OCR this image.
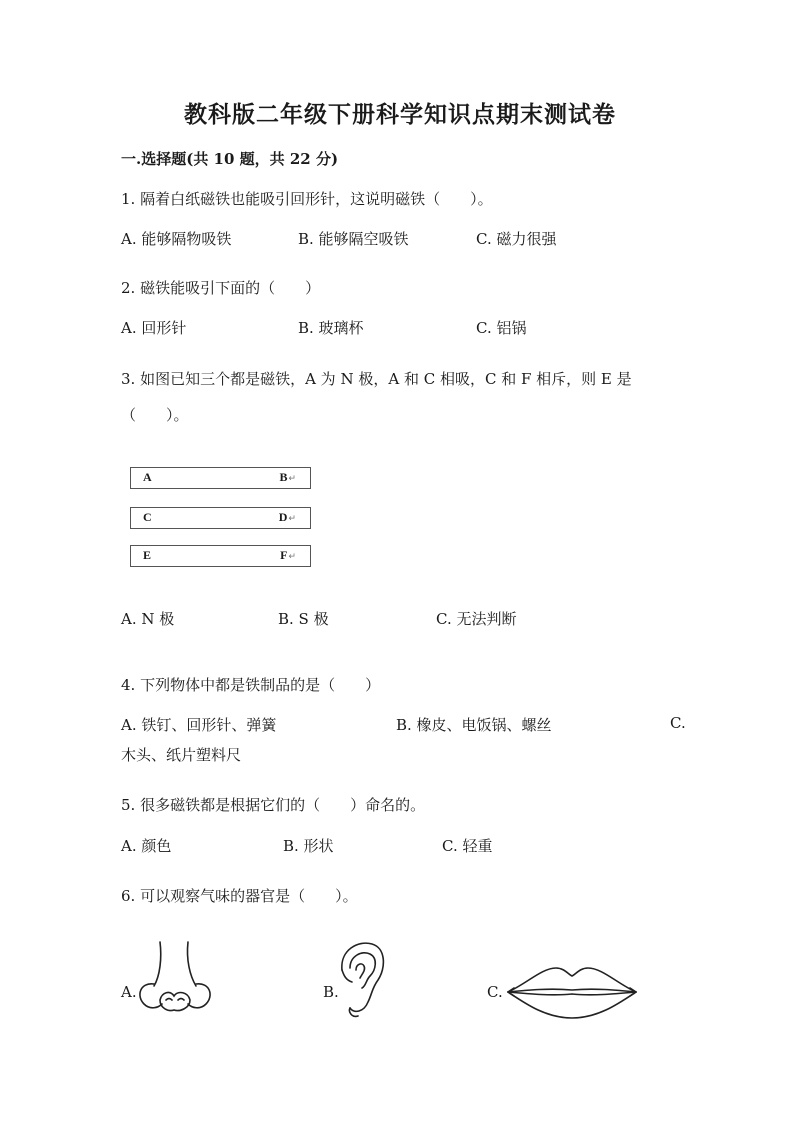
教科版二年级下册科学知识点期末测试卷
一.选择题(共 10 题，共 22 分)
1. 隔着白纸磁铁也能吸引回形针，这说明磁铁（　　）。
A. 能够隔物吸铁	B. 能够隔空吸铁	C. 磁力很强
2. 磁铁能吸引下面的（　　）
A. 回形针	B. 玻璃杯	C. 铝锅
3. 如图已知三个都是磁铁，A 为 N 极，A 和 C 相吸，C 和 F 相斥，则 E 是
（　　）。
A	B↵
C	D↵
E	F↵
A. N 极	B. S 极	C. 无法判断
4. 下列物体中都是铁制品的是（　　）
A. 铁钉、回形针、弹簧	B. 橡皮、电饭锅、螺丝	C.
木头、纸片塑料尺
5. 很多磁铁都是根据它们的（　　）命名的。
A. 颜色	B. 形状	C. 轻重
6. 可以观察气味的器官是（　　）。
A.	B.	C.
